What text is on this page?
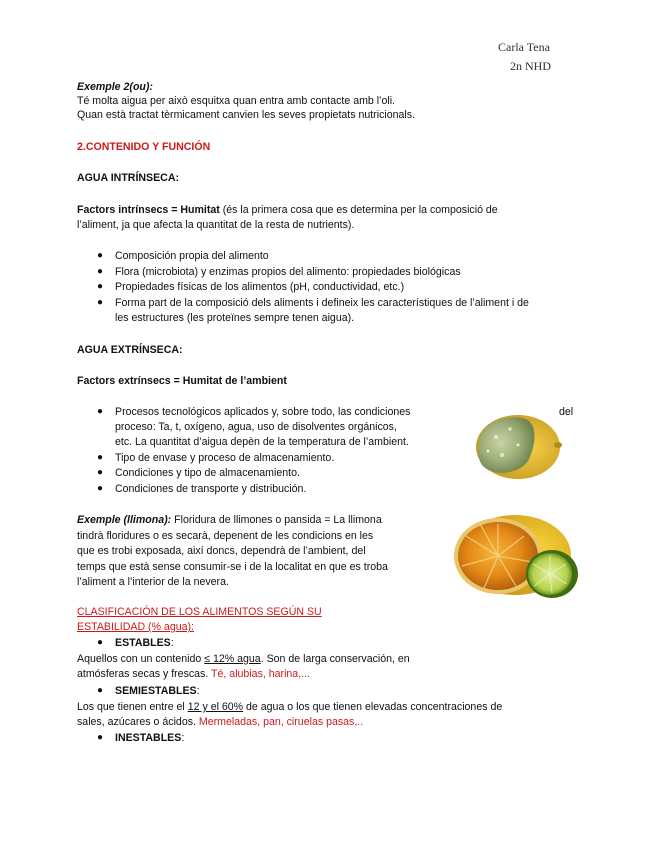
Carla Tena
2n NHD
Exemple 2(ou):
Té molta aigua per això esquitxa quan entra amb contacte amb l’oli.
Quan està tractat tèrmicament canvien les seves propietats nutricionals.
2.CONTENIDO Y FUNCIÓN
AGUA INTRÍNSECA:
Factors intrínsecs = Humitat (és la primera cosa que es determina per la composició de
l’aliment, ja que afecta la quantitat de la resta de nutrients).
● Composición propia del alimento
● Flora (microbiota) y enzimas propios del alimento: propiedades biológicas
● Propiedades físicas de los alimentos (pH, conductividad, etc.)
● Forma part de la composició dels aliments i defineix les característiques de l’aliment i de
les estructures (les proteïnes sempre tenen aigua).
AGUA EXTRÍNSECA:
Factors extrínsecs = Humitat de l’ambient
● Procesos tecnológicos aplicados y, sobre todo, las condiciones	del
proceso: Ta, t, oxígeno, agua, uso de disolventes orgánicos,
etc. La quantitat d’aigua depèn de la temperatura de l’ambient.
● Tipo de envase y proceso de almacenamiento.
● Condiciones y tipo de almacenamiento.
● Condiciones de transporte y distribución.
Exemple (llimona): Floridura de llimones o pansida = La llimona
tindrà floridures o es secarà, depenent de les condicions en les
que es trobi exposada, així doncs, dependrà de l’ambient, del
temps que està sense consumir-se i de la localitat en que es troba
l’aliment a l’interior de la nevera.
CLASIFICACIÓN DE LOS ALIMENTOS SEGÚN SU
ESTABILIDAD (% agua):
● ESTABLES:
Aquellos con un contenido ≤ 12% agua. Son de larga conservación, en
atmósferas secas y frescas. Té, alubias, harina,...
● SEMIESTABLES:
Los que tienen entre el 12 y el 60% de agua o los que tienen elevadas concentraciones de
sales, azúcares o ácidos. Mermeladas, pan, ciruelas pasas,..
● INESTABLES:
